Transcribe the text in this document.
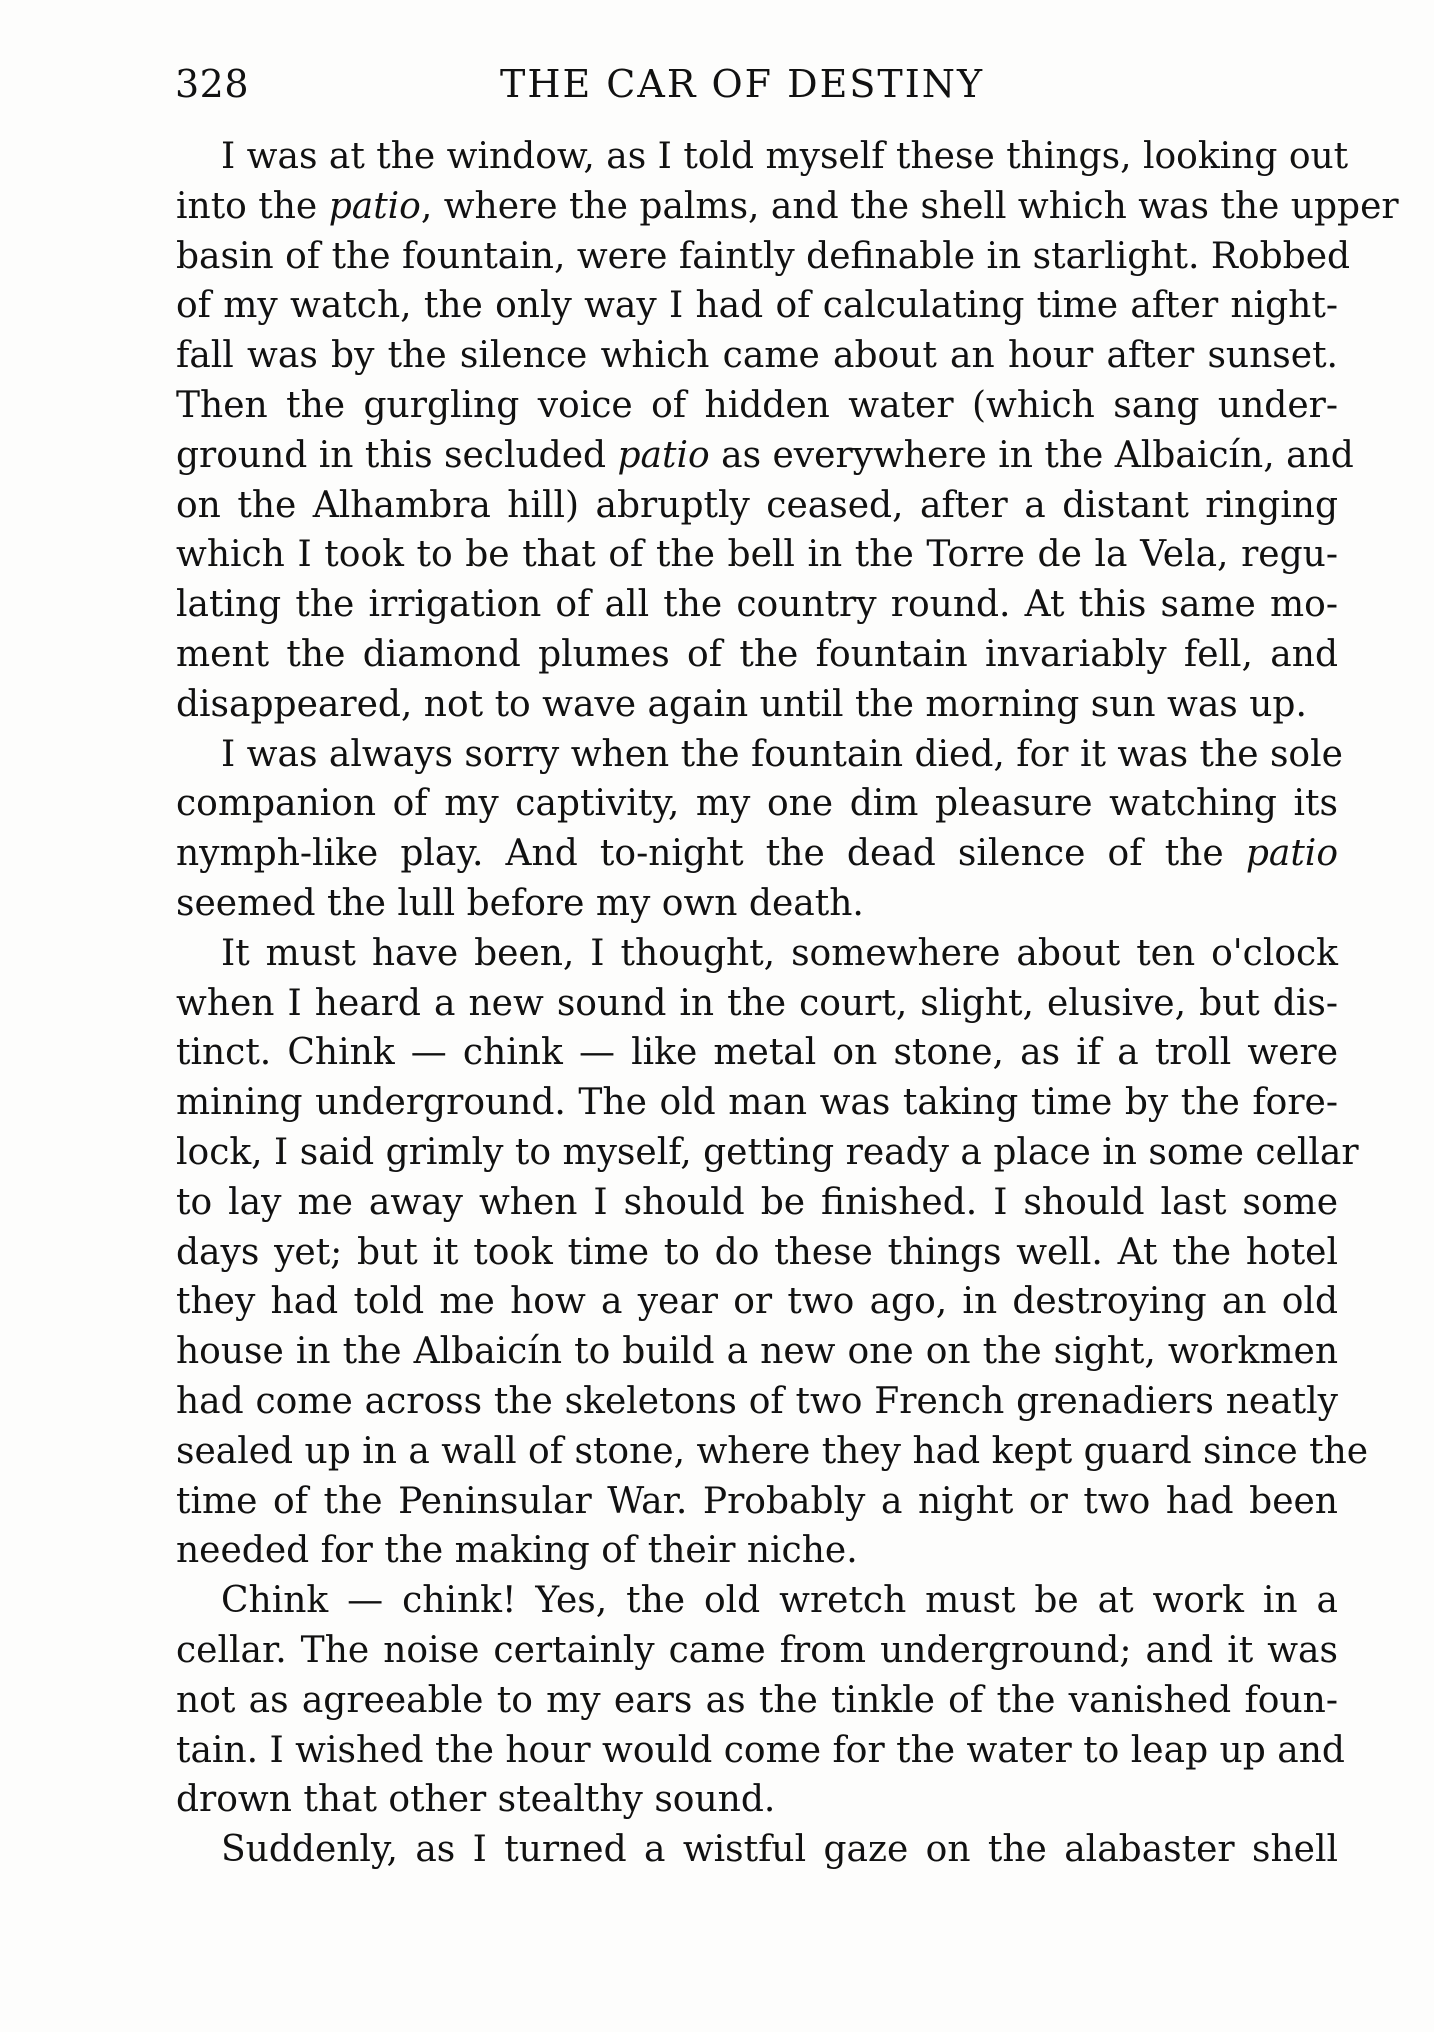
328	THE CAR OF DESTINY
I was at the window, as I told myself these things, looking out
into the patio, where the palms, and the shell which was the upper
basin of the fountain, were faintly definable in starlight. Robbed
of my watch, the only way I had of calculating time after night-
fall was by the silence which came about an hour after sunset.
Then the gurgling voice of hidden water (which sang under-
ground in this secluded patio as everywhere in the Albaicín, and
on the Alhambra hill) abruptly ceased, after a distant ringing
which I took to be that of the bell in the Torre de la Vela, regu-
lating the irrigation of all the country round. At this same mo-
ment the diamond plumes of the fountain invariably fell, and
disappeared, not to wave again until the morning sun was up.
I was always sorry when the fountain died, for it was the sole
companion of my captivity, my one dim pleasure watching its
nymph-like play. And to-night the dead silence of the patio
seemed the lull before my own death.
It must have been, I thought, somewhere about ten o'clock
when I heard a new sound in the court, slight, elusive, but dis-
tinct. Chink — chink — like metal on stone, as if a troll were
mining underground. The old man was taking time by the fore-
lock, I said grimly to myself, getting ready a place in some cellar
to lay me away when I should be finished. I should last some
days yet; but it took time to do these things well. At the hotel
they had told me how a year or two ago, in destroying an old
house in the Albaicín to build a new one on the sight, workmen
had come across the skeletons of two French grenadiers neatly
sealed up in a wall of stone, where they had kept guard since the
time of the Peninsular War. Probably a night or two had been
needed for the making of their niche.
Chink — chink! Yes, the old wretch must be at work in a
cellar. The noise certainly came from underground; and it was
not as agreeable to my ears as the tinkle of the vanished foun-
tain. I wished the hour would come for the water to leap up and
drown that other stealthy sound.
Suddenly, as I turned a wistful gaze on the alabaster shell
